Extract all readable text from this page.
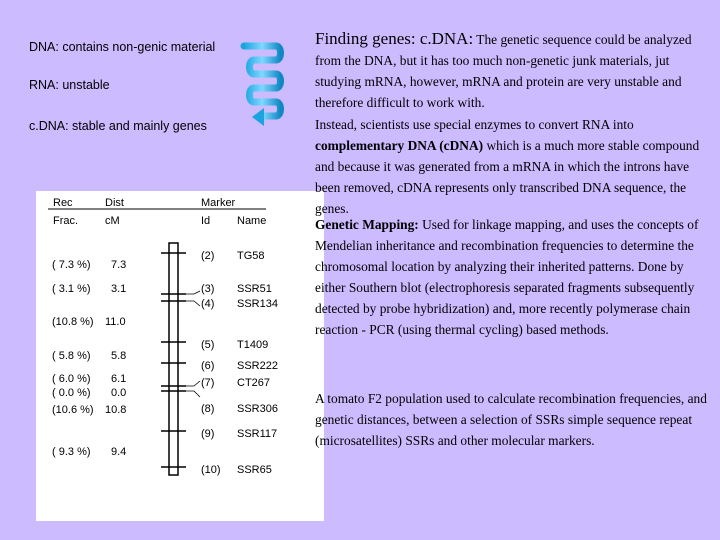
DNA: contains non-genic material
RNA: unstable
c.DNA: stable and mainly genes
Rec
Frac.
Dist
cM
Marker
Id Name
( 7.3 %) 7.3
(2) TG58
( 3.1 %) 3.1	(3) SSR51
(4) SSR134
(10.8 %) 11.0
(5) T1409
( 5.8 %) 5.8
(6) SSR222
( 6.0 %) 6.1	(7) CT267
( 0.0 %) 0.0
(8) SSR306
(10.6 %) 10.8
(9) SSR117
( 9.3 %) 9.4
(10) SSR65
Finding genes: c.DNA: The genetic sequence could be analyzed from the DNA, but it has too much non-genetic junk materials, jut studying mRNA, however, mRNA and protein are very unstable and therefore difficult to work with.
Instead, scientists use special enzymes to convert RNA into complementary DNA (cDNA) which is a much more stable compound and because it was generated from a mRNA in which the introns have been removed, cDNA represents only transcribed DNA sequence, the genes.
Genetic Mapping: Used for linkage mapping, and uses the concepts of Mendelian inheritance and recombination frequencies to determine the chromosomal location by analyzing their inherited patterns. Done by either Southern blot (electrophoresis separated fragments subsequently detected by probe hybridization) and, more recently polymerase chain reaction - PCR (using thermal cycling) based methods.
A tomato F2 population used to calculate recombination frequencies, and genetic distances, between a selection of SSRs simple sequence repeat (microsatellites) SSRs and other molecular markers.
